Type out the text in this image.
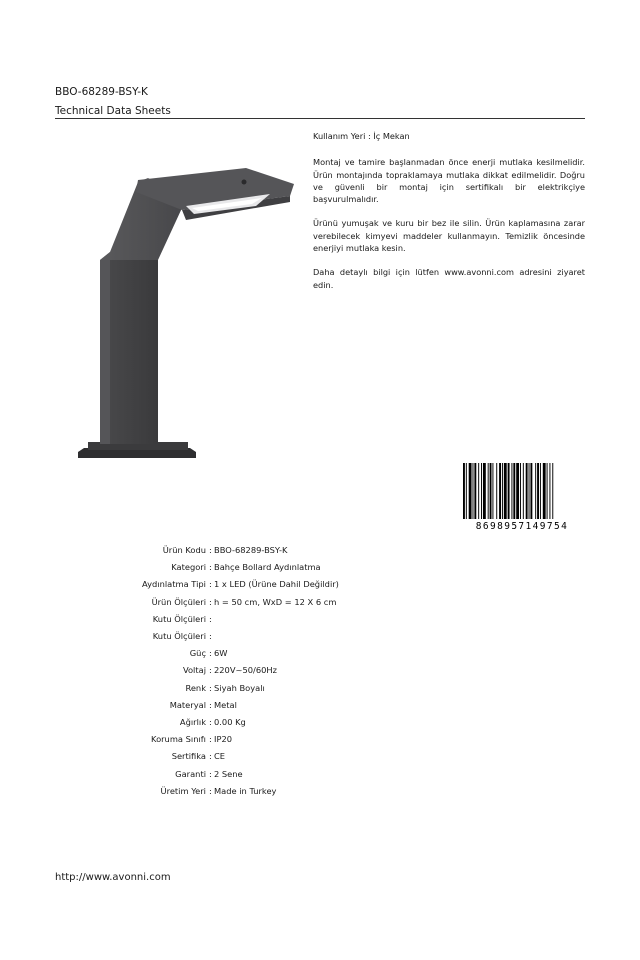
BBO-68289-BSY-K
Technical Data Sheets

Kullanım Yeri : İç Mekan

Montaj ve tamire başlanmadan önce enerji mutlaka kesilmelidir. Ürün montajında topraklamaya mutlaka dikkat edilmelidir. Doğru ve güvenli bir montaj için sertifikalı bir elektrikçiye başvurulmalıdır.

Ürünü yumuşak ve kuru bir bez ile silin. Ürün kaplamasına zarar verebilecek kimyevi maddeler kullanmayın. Temizlik öncesinde enerjiyi mutlaka kesin.

Daha detaylı bilgi için lütfen www.avonni.com adresini ziyaret edin.

8698957149754
Ürün Kodu : BBO-68289-BSY-K
Kategori : Bahçe Bollard Aydınlatma
Aydınlatma Tipi : 1 x LED (Ürüne Dahil Değildir)
Ürün Ölçüleri : h = 50 cm, WxD = 12 X 6 cm
Kutu Ölçüleri :
Kutu Ölçüleri :
Güç : 6W
Voltaj : 220V~50/60Hz
Renk : Siyah Boyalı
Materyal : Metal
Ağırlık : 0.00 Kg
Koruma Sınıfı : IP20
Sertifika : CE
Garanti : 2 Sene
Üretim Yeri : Made in Turkey
http://www.avonni.com
